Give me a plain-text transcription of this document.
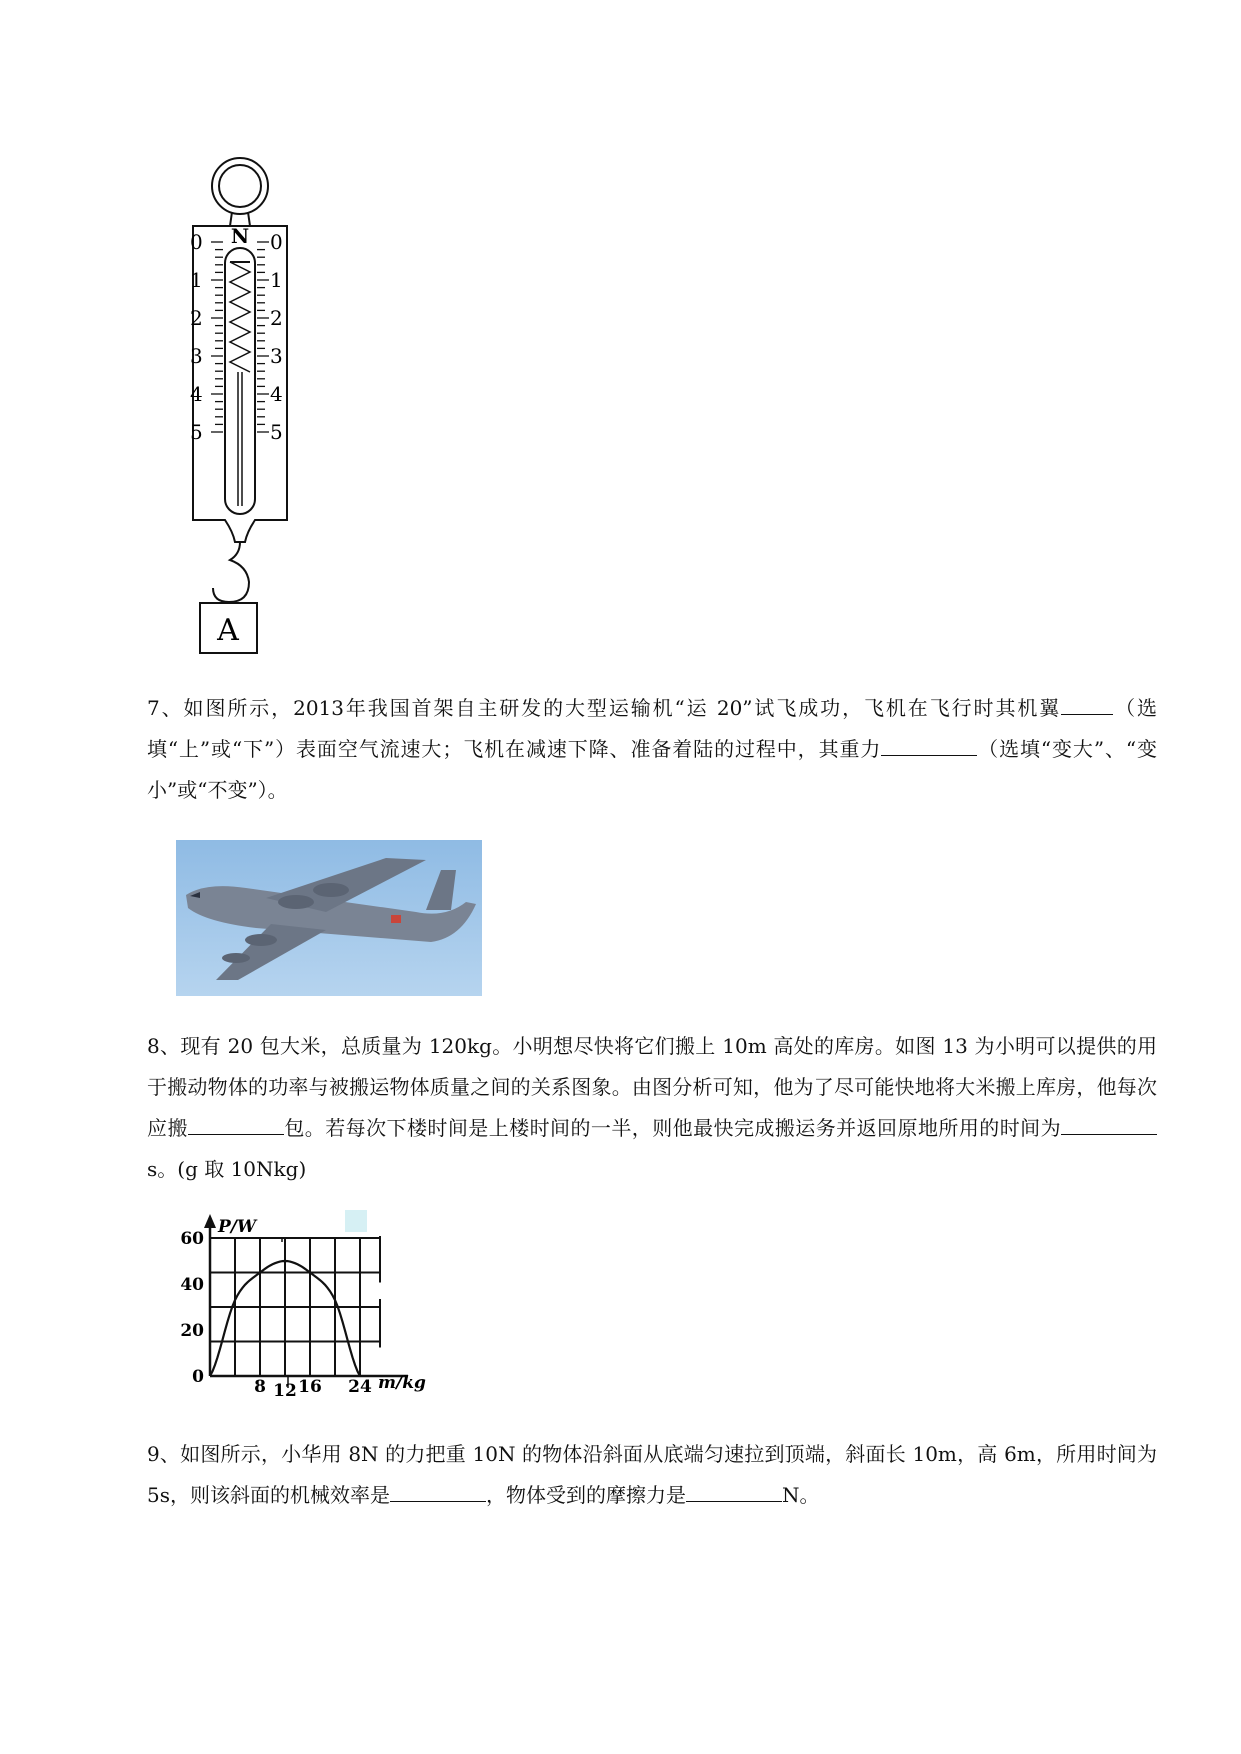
N
0
1
2
3
4
5
0
1
2
3
4
5
A

7、如图所示，2013年我国首架自主研发的大型运输机“运 20”试飞成功，飞机在飞行时其机翼	（选填“上”或“下”）表面空气流速大；飞机在减速下降、准备着陆的过程中，其重力	（选填“变大”、“变小”或“不变”）。

8、现有 20 包大米，总质量为 120kg。小明想尽快将它们搬上 10m 高处的库房。如图 13 为小明可以提供的用于搬动物体的功率与被搬运物体质量之间的关系图象。由图分析可知，他为了尽可能快地将大米搬上库房，他每次应搬	包。若每次下楼时间是上楼时间的一半，则他最快完成搬运务并返回原地所用的时间为s。(g 取 10Nkg)

P/W
m/kg
60
40
20
0	8 12 16 24

9、如图所示，小华用 8N 的力把重 10N 的物体沿斜面从底端匀速拉到顶端，斜面长 10m，高 6m，所用时间为 5s，则该斜面的机械效率是	，物体受到的摩擦力是	N。
